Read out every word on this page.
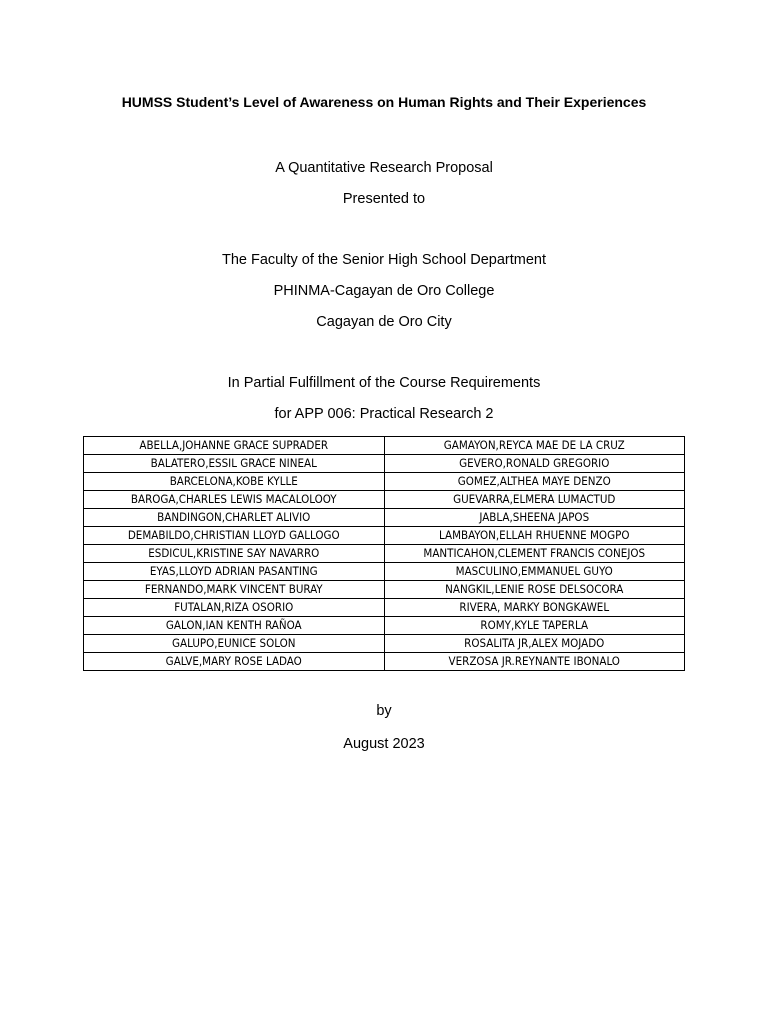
HUMSS Student’s Level of Awareness on Human Rights and Their Experiences
A Quantitative Research Proposal
Presented to
The Faculty of the Senior High School Department
PHINMA-Cagayan de Oro College
Cagayan de Oro City
In Partial Fulfillment of the Course Requirements
for APP 006: Practical Research 2
ABELLA,JOHANNE GRACE SUPRADER	GAMAYON,REYCA MAE DE LA CRUZ
BALATERO,ESSIL GRACE NINEAL	GEVERO,RONALD GREGORIO
BARCELONA,KOBE KYLLE	GOMEZ,ALTHEA MAYE DENZO
BAROGA,CHARLES LEWIS MACALOLOOY	GUEVARRA,ELMERA LUMACTUD
BANDINGON,CHARLET ALIVIO	JABLA,SHEENA JAPOS
DEMABILDO,CHRISTIAN LLOYD GALLOGO	LAMBAYON,ELLAH RHUENNE MOGPO
ESDICUL,KRISTINE SAY NAVARRO	MANTICAHON,CLEMENT FRANCIS CONEJOS
EYAS,LLOYD ADRIAN PASANTING	MASCULINO,EMMANUEL GUYO
FERNANDO,MARK VINCENT BURAY	NANGKIL,LENIE ROSE DELSOCORA
FUTALAN,RIZA OSORIO	RIVERA, MARKY BONGKAWEL
GALON,IAN KENTH RAÑOA	ROMY,KYLE TAPERLA
GALUPO,EUNICE SOLON	ROSALITA JR,ALEX MOJADO
GALVE,MARY ROSE LADAO	VERZOSA JR.REYNANTE IBONALO
by
August 2023
